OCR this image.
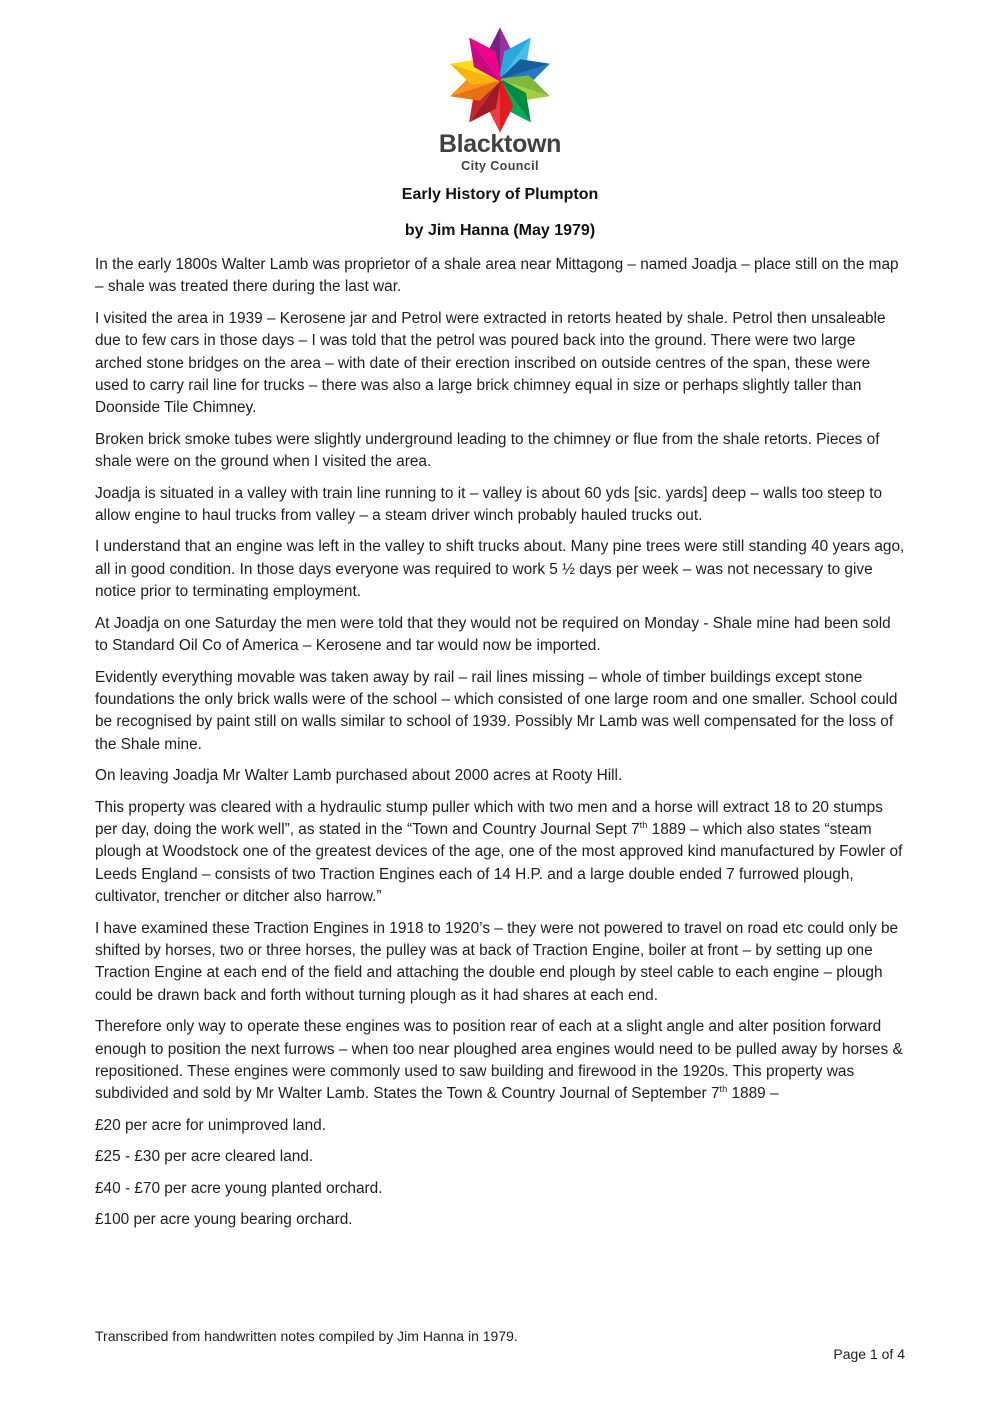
Blacktown
City Council
Early History of Plumpton
by Jim Hanna (May 1979)

In the early 1800s Walter Lamb was proprietor of a shale area near Mittagong – named Joadja – place still on the map – shale was treated there during the last war.

I visited the area in 1939 – Kerosene jar and Petrol were extracted in retorts heated by shale. Petrol then unsaleable due to few cars in those days – I was told that the petrol was poured back into the ground. There were two large arched stone bridges on the area – with date of their erection inscribed on outside centres of the span, these were used to carry rail line for trucks – there was also a large brick chimney equal in size or perhaps slightly taller than Doonside Tile Chimney.

Broken brick smoke tubes were slightly underground leading to the chimney or flue from the shale retorts. Pieces of shale were on the ground when I visited the area.

Joadja is situated in a valley with train line running to it – valley is about 60 yds [sic. yards] deep – walls too steep to allow engine to haul trucks from valley – a steam driver winch probably hauled trucks out.

I understand that an engine was left in the valley to shift trucks about. Many pine trees were still standing 40 years ago, all in good condition. In those days everyone was required to work 5 ½ days per week – was not necessary to give notice prior to terminating employment.

At Joadja on one Saturday the men were told that they would not be required on Monday - Shale mine had been sold to Standard Oil Co of America – Kerosene and tar would now be imported.

Evidently everything movable was taken away by rail – rail lines missing – whole of timber buildings except stone foundations the only brick walls were of the school – which consisted of one large room and one smaller. School could be recognised by paint still on walls similar to school of 1939. Possibly Mr Lamb was well compensated for the loss of the Shale mine.

On leaving Joadja Mr Walter Lamb purchased about 2000 acres at Rooty Hill.

This property was cleared with a hydraulic stump puller which with two men and a horse will extract 18 to 20 stumps per day, doing the work well”, as stated in the “Town and Country Journal Sept 7th 1889 – which also states “steam plough at Woodstock one of the greatest devices of the age, one of the most approved kind manufactured by Fowler of Leeds England – consists of two Traction Engines each of 14 H.P. and a large double ended 7 furrowed plough, cultivator, trencher or ditcher also harrow.”

I have examined these Traction Engines in 1918 to 1920’s – they were not powered to travel on road etc could only be shifted by horses, two or three horses, the pulley was at back of Traction Engine, boiler at front – by setting up one Traction Engine at each end of the field and attaching the double end plough by steel cable to each engine – plough could be drawn back and forth without turning plough as it had shares at each end.

Therefore only way to operate these engines was to position rear of each at a slight angle and alter position forward enough to position the next furrows – when too near ploughed area engines would need to be pulled away by horses & repositioned. These engines were commonly used to saw building and firewood in the 1920s. This property was subdivided and sold by Mr Walter Lamb. States the Town & Country Journal of September 7th 1889 –

£20 per acre for unimproved land.

£25 - £30 per acre cleared land.

£40 - £70 per acre young planted orchard.

£100 per acre young bearing orchard.

Transcribed from handwritten notes compiled by Jim Hanna in 1979.
Page 1 of 4
